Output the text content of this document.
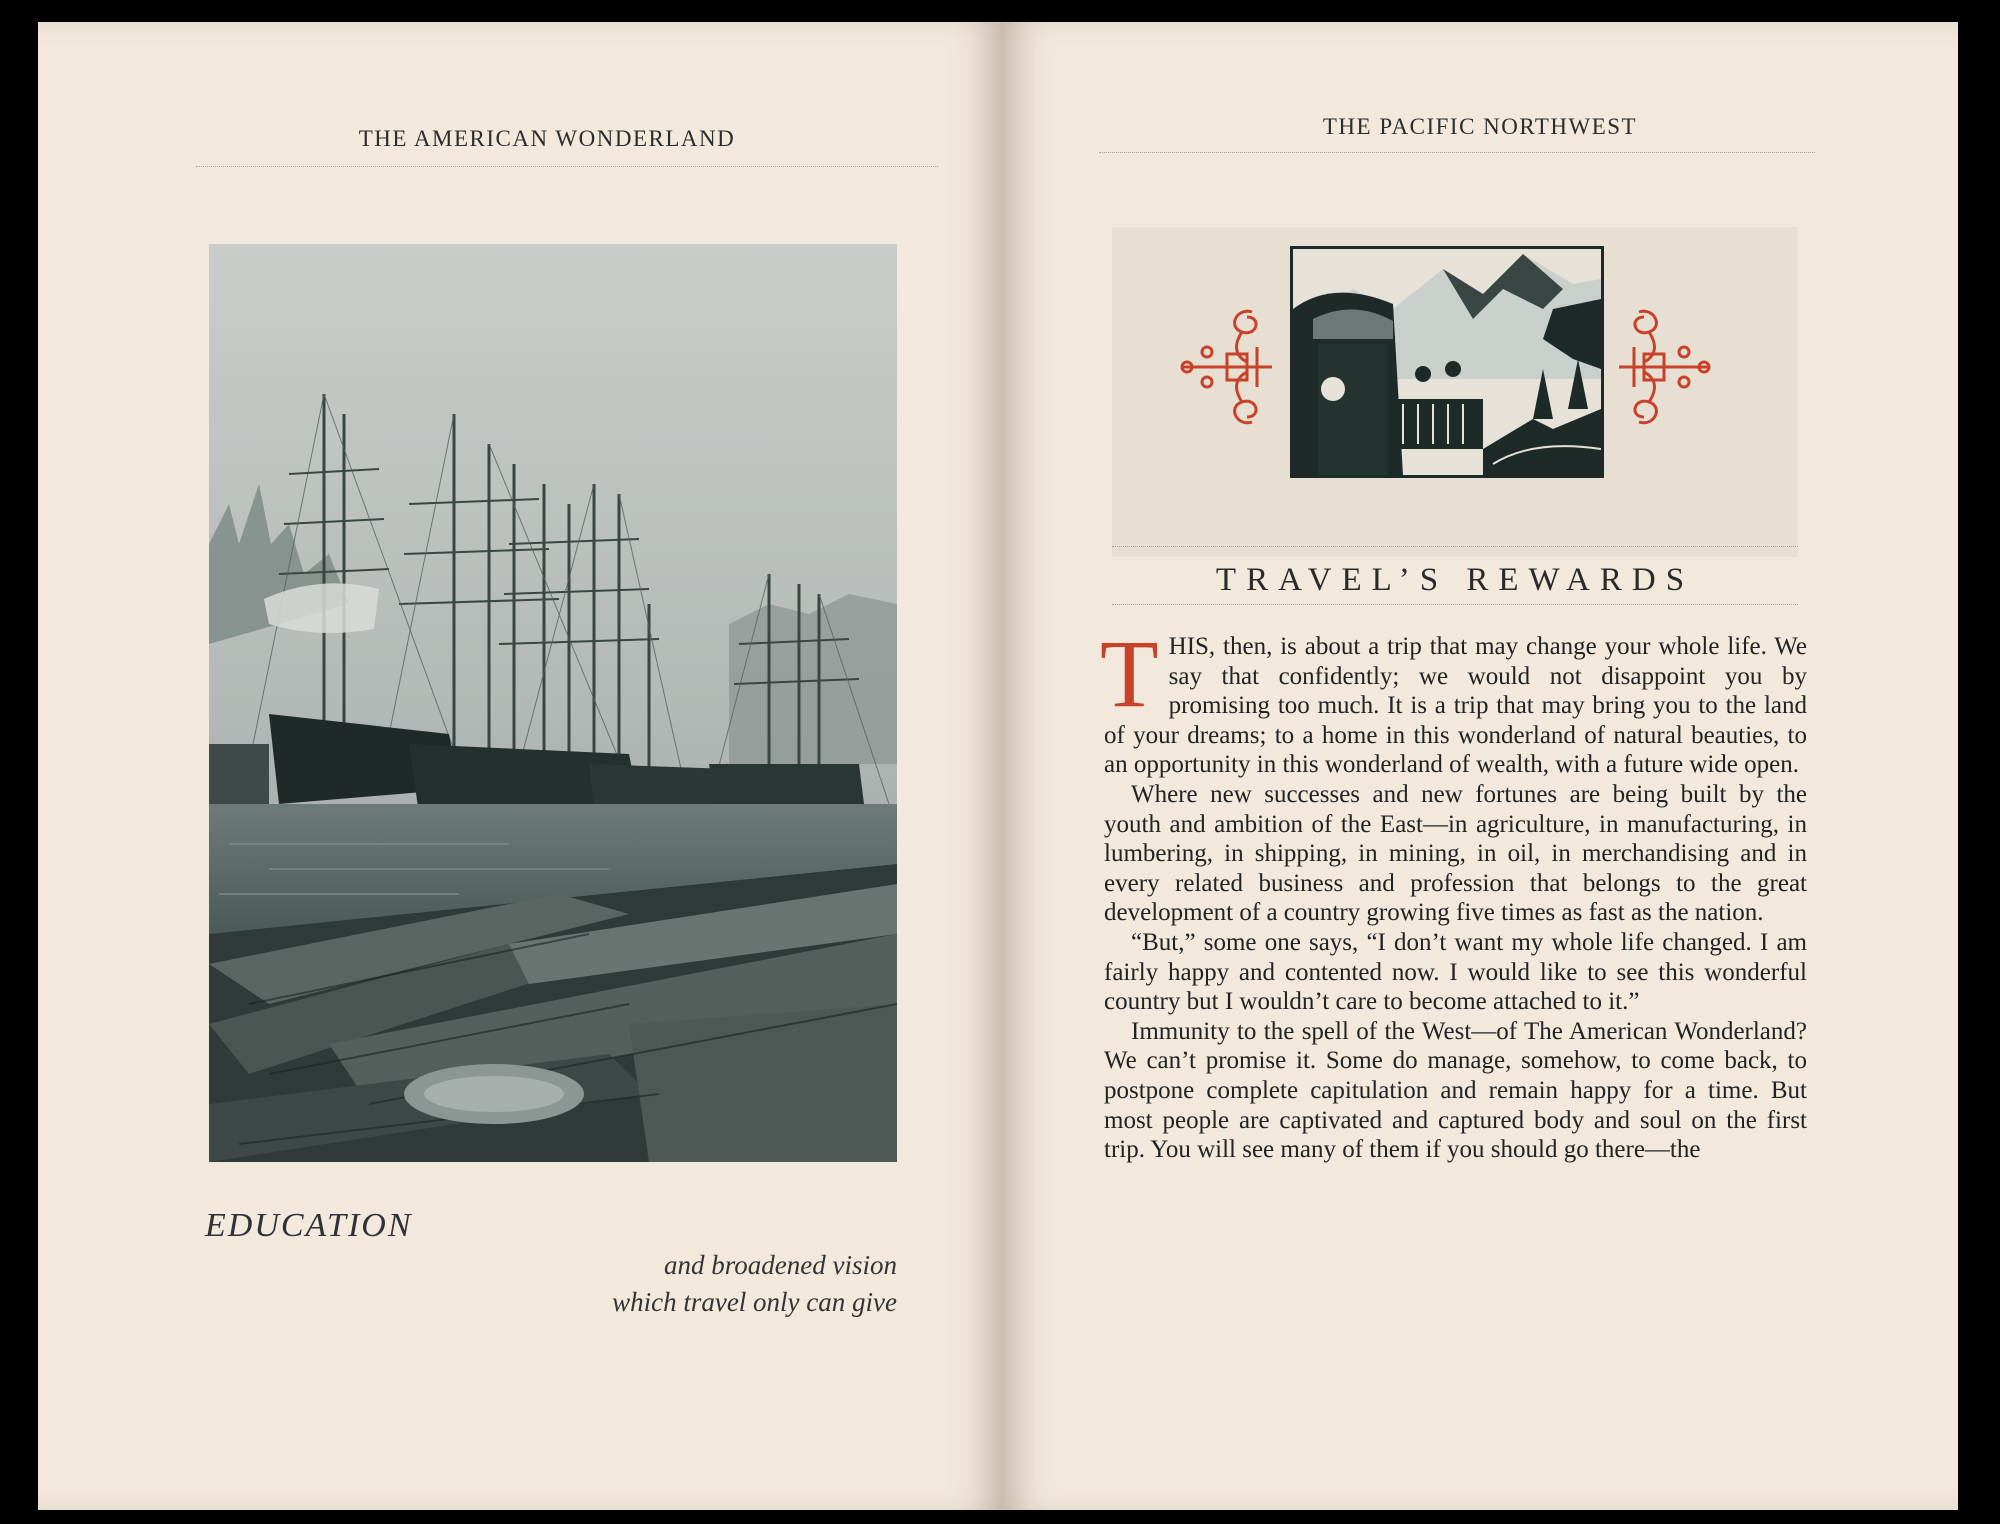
THE AMERICAN WONDERLAND
EDUCATION
and broadened vision
which travel only can give
THE PACIFIC NORTHWEST
TRAVEL’S REWARDS

THIS, then, is about a trip that may change your whole life. We say that confidently; we would not disappoint you by promising too much. It is a trip that may bring you to the land of your dreams; to a home in this wonderland of natural beauties, to an opportunity in this wonderland of wealth, with a future wide open.

Where new successes and new fortunes are being built by the youth and ambition of the East—in agriculture, in manufacturing, in lumbering, in shipping, in mining, in oil, in merchandising and in every related business and profession that belongs to the great development of a country growing five times as fast as the nation.

“But,” some one says, “I don’t want my whole life changed. I am fairly happy and contented now. I would like to see this wonderful country but I wouldn’t care to become attached to it.”

Immunity to the spell of the West—of The American Wonderland? We can’t promise it. Some do manage, somehow, to come back, to postpone complete capitulation and remain happy for a time. But most people are captivated and captured body and soul on the first trip. You will see many of them if you should go there—the
